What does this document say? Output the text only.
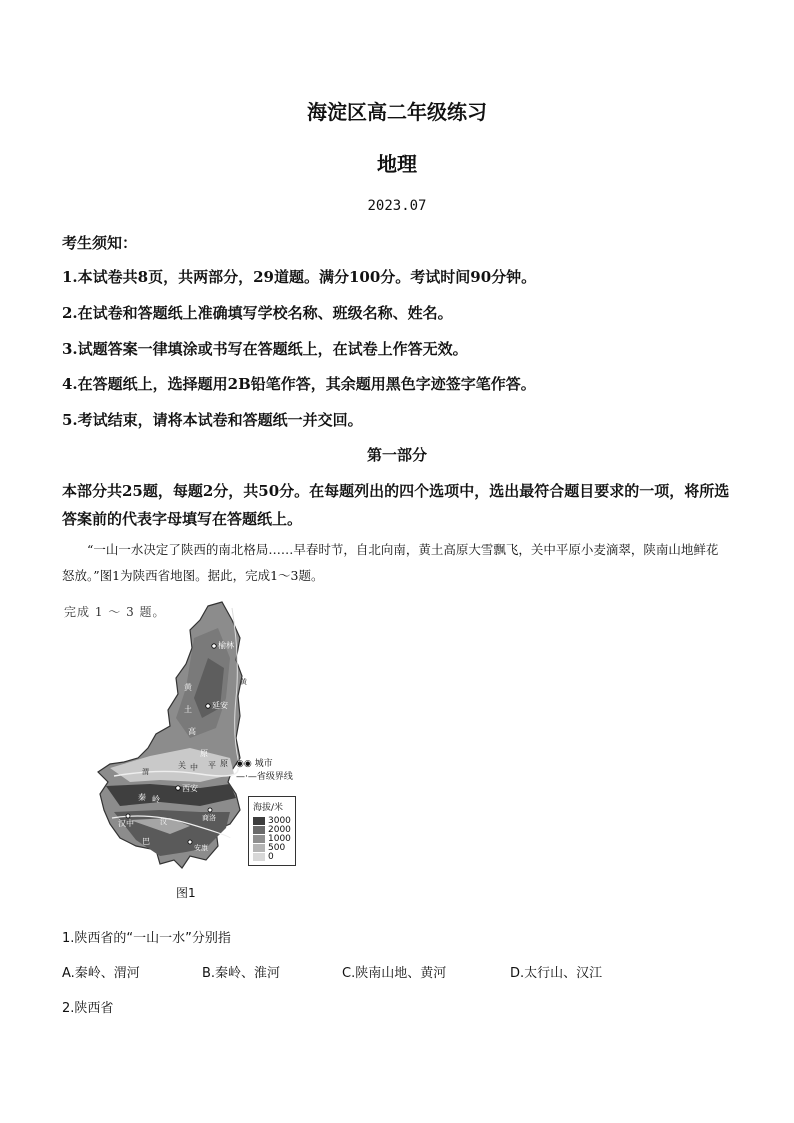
海淀区高二年级练习
地理
2023.07
考生须知：
1.本试卷共8页，共两部分，29道题。满分100分。考试时间90分钟。
2.在试卷和答题纸上准确填写学校名称、班级名称、姓名。
3.试题答案一律填涂或书写在答题纸上，在试卷上作答无效。
4.在答题纸上，选择题用2B铅笔作答，其余题用黑色字迹签字笔作答。
5.考试结束，请将本试卷和答题纸一并交回。
第一部分
本部分共25题，每题2分，共50分。在每题列出的四个选项中，选出最符合题目要求的一项，将所选答案前的代表字母填写在答题纸上。
“一山一水决定了陕西的南北格局……早春时节，自北向南，黄土高原大雪飘飞，关中平原小麦滴翠，陕南山地鲜花怒放。”图1为陕西省地图。据此，完成1～3题。
完成 1 ～ 3 题。
榆林
延安
西安
汉中
商洛
安康
黄
土
高
原
关 中 平 原
秦 岭
巴
渭
汉
黄
◉◉ 城市
—·—省级界线
海拔/米
3000
2000
1000
500
0
图1
1.陕西省的“一山一水”分别指
A.秦岭、渭河	B.秦岭、淮河	C.陕南山地、黄河	D.太行山、汉江
2.陕西省
